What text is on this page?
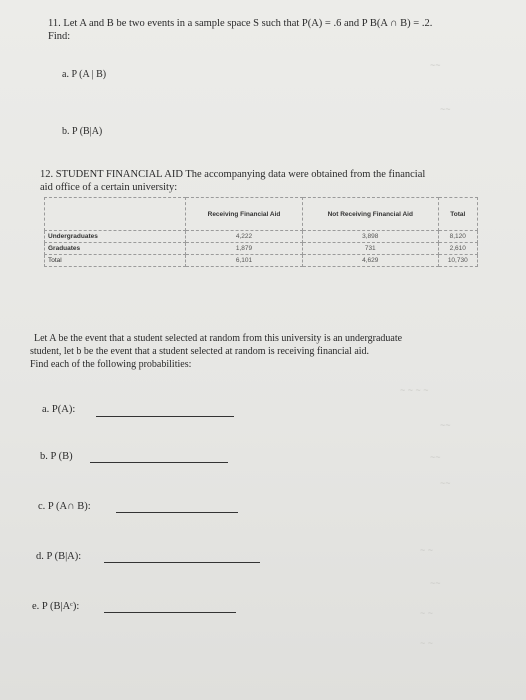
11. Let A and B be two events in a sample space S such that P(A) = .6 and P B(A ∩ B) = .2.
Find:
a. P (A | B)
b. P (B|A)
~~
~~
12. STUDENT FINANCIAL AID The accompanying data were obtained from the financial
aid office of a certain university:
	Receiving Financial Aid	Not Receiving Financial Aid	Total
Undergraduates	4,222	3,898	8,120
Graduates	1,879	731	2,610
Total	6,101	4,629	10,730
Let A be the event that a student selected at random from this university is an undergraduate
student, let b be the event that a student selected at random is receiving financial aid.
Find each of the following probabilities:
a. P(A):
b. P (B)
c. P (A∩ B):
d. P (B|A):
e. P (B|Aᶜ):
~ ~ ~ ~
~~
~~
~~
~ ~
~~
~ ~
~ ~
